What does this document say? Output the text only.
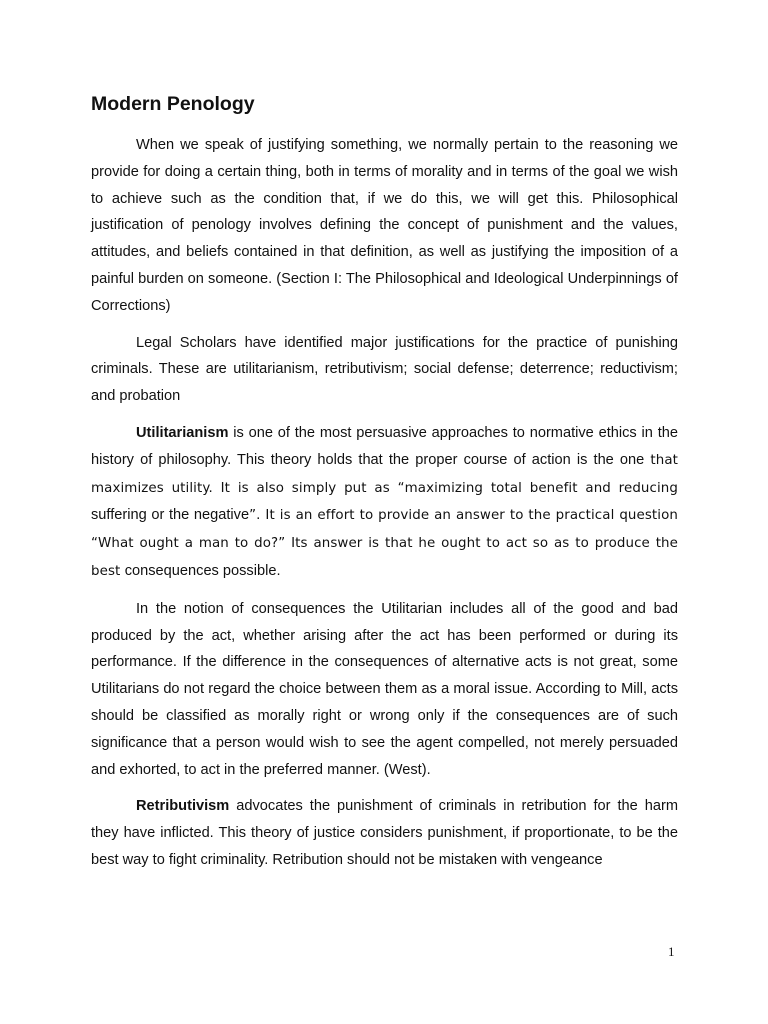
Modern Penology

When we speak of justifying something, we normally pertain to the reasoning we provide for doing a certain thing, both in terms of morality and in terms of the goal we wish to achieve such as the condition that, if we do this, we will get this. Philosophical justification of penology involves defining the concept of punishment and the values, attitudes, and beliefs contained in that definition, as well as justifying the imposition of a painful burden on someone. (Section I: The Philosophical and Ideological Underpinnings of Corrections)

Legal Scholars have identified major justifications for the practice of punishing criminals. These are utilitarianism, retributivism; social defense; deterrence; reductivism; and probation

Utilitarianism is one of the most persuasive approaches to normative ethics in the history of philosophy. This theory holds that the proper course of action is the one that maximizes utility. It is also simply put as “maximizing total benefit and reducing suffering or the negative”. It is an effort to provide an answer to the practical question “What ought a man to do?” Its answer is that he ought to act so as to produce the best consequences possible.

In the notion of consequences the Utilitarian includes all of the good and bad produced by the act, whether arising after the act has been performed or during its performance. If the difference in the consequences of alternative acts is not great, some Utilitarians do not regard the choice between them as a moral issue. According to Mill, acts should be classified as morally right or wrong only if the consequences are of such significance that a person would wish to see the agent compelled, not merely persuaded and exhorted, to act in the preferred manner. (West).

Retributivism advocates the punishment of criminals in retribution for the harm they have inflicted. This theory of justice considers punishment, if proportionate, to be the best way to fight criminality. Retribution should not be mistaken with vengeance

1
